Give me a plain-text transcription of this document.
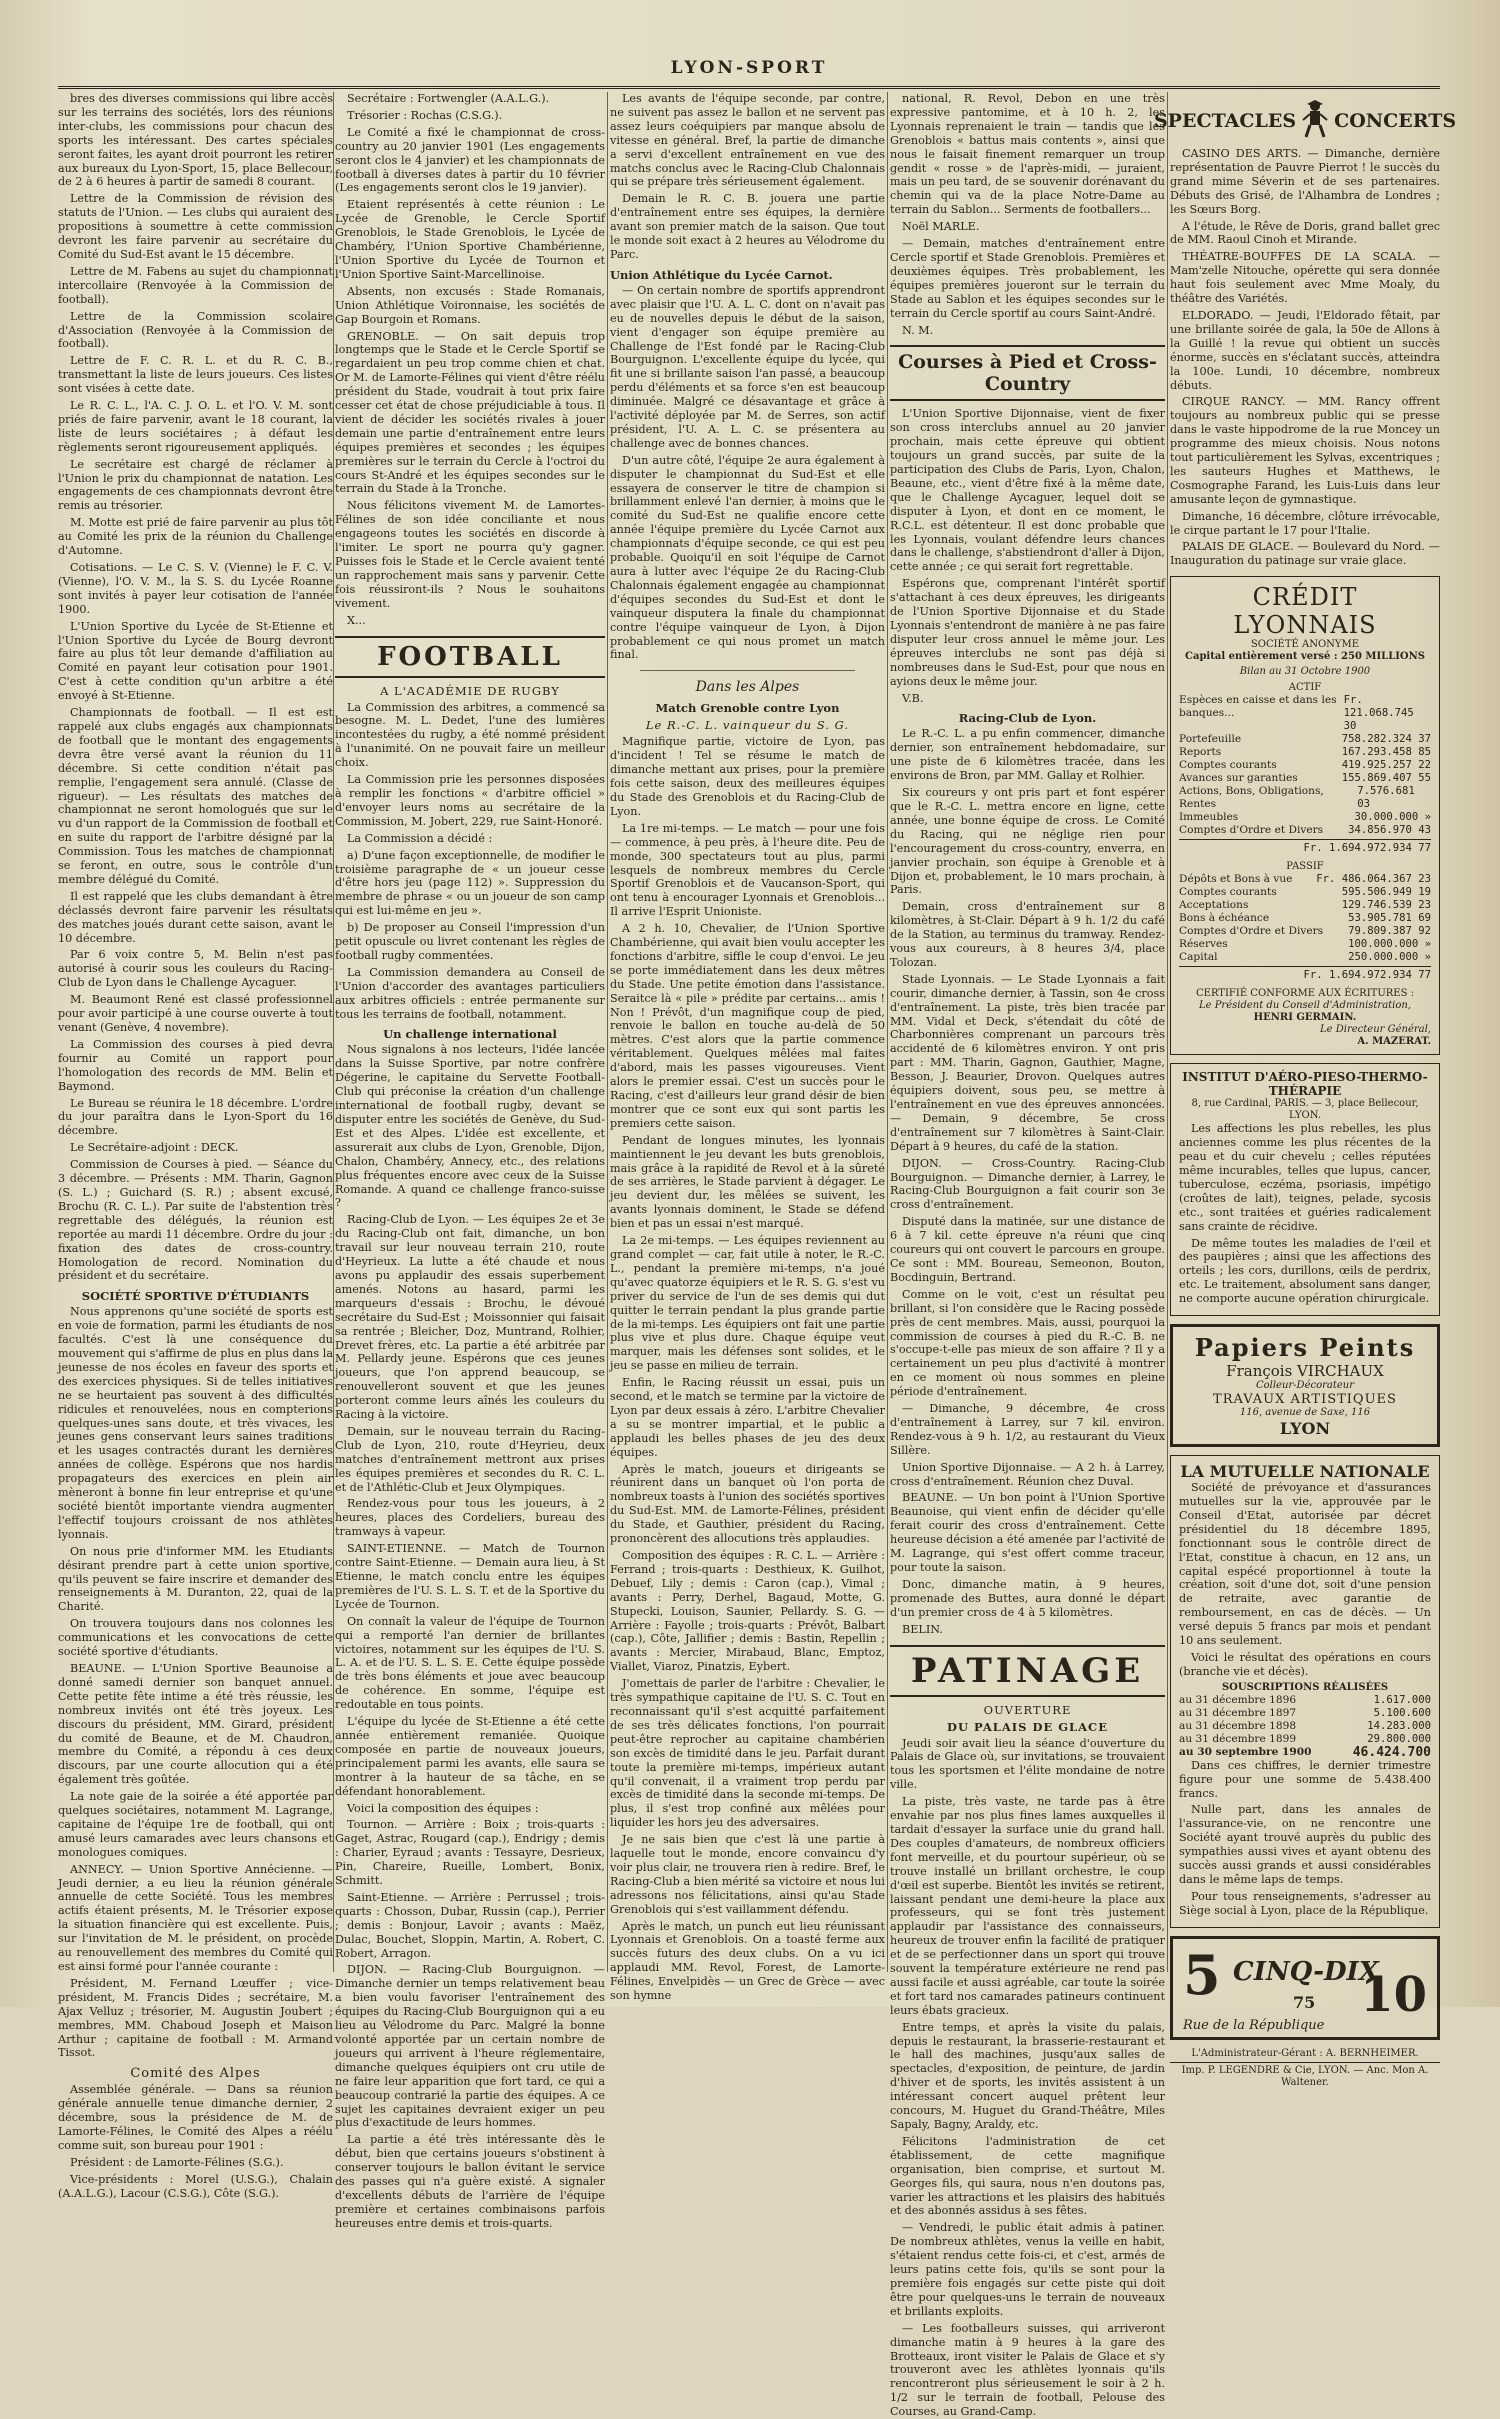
LYON-SPORT

bres des diverses commissions qui libre accès sur les terrains des sociétés, lors des réunions inter-clubs, les commissions pour chacun des sports les intéressant. Des cartes spéciales seront faites, les ayant droit pourront les retirer aux bureaux du Lyon-Sport, 15, place Bellecour, de 2 à 6 heures à partir de samedi 8 courant.

Lettre de la Commission de révision des statuts de l'Union. — Les clubs qui auraient des propositions à soumettre à cette commission devront les faire parvenir au secrétaire du Comité du Sud-Est avant le 15 décembre.

Lettre de M. Fabens au sujet du championnat intercollaire (Renvoyée à la Commission de football).

Lettre de la Commission scolaire d'Association (Renvoyée à la Commission de football).

Lettre de F. C. R. L. et du R. C. B., transmettant la liste de leurs joueurs. Ces listes sont visées à cette date.

Le R. C. L., l'A. C. J. O. L. et l'O. V. M. sont priés de faire parvenir, avant le 18 courant, la liste de leurs sociétaires ; à défaut les règlements seront rigoureusement appliqués.

Le secrétaire est chargé de réclamer à l'Union le prix du championnat de natation. Les engagements de ces championnats devront être remis au trésorier.

M. Motte est prié de faire parvenir au plus tôt au Comité les prix de la réunion du Challenge d'Automne.

Cotisations. — Le C. S. V. (Vienne) le F. C. V. (Vienne), l'O. V. M., la S. S. du Lycée Roanne sont invités à payer leur cotisation de l'année 1900.

L'Union Sportive du Lycée de St-Etienne et l'Union Sportive du Lycée de Bourg devront faire au plus tôt leur demande d'affiliation au Comité en payant leur cotisation pour 1901. C'est à cette condition qu'un arbitre a été envoyé à St-Etienne.

Championnats de football. — Il est est rappelé aux clubs engagés aux championnats de football que le montant des engagements devra être versé avant la réunion du 11 décembre. Si cette condition n'était pas remplie, l'engagement sera annulé. (Classe de rigueur). — Les résultats des matches de championnat ne seront homologués que sur le vu d'un rapport de la Commission de football et en suite du rapport de l'arbitre désigné par la Commission. Tous les matches de championnat se feront, en outre, sous le contrôle d'un membre délégué du Comité.

Il est rappelé que les clubs demandant à être déclassés devront faire parvenir les résultats des matches joués durant cette saison, avant le 10 décembre.

Par 6 voix contre 5, M. Belin n'est pas autorisé à courir sous les couleurs du Racing-Club de Lyon dans le Challenge Aycaguer.

M. Beaumont René est classé professionnel pour avoir participé à une course ouverte à tout venant (Genève, 4 novembre).

La Commission des courses à pied devra fournir au Comité un rapport pour l'homologation des records de MM. Belin et Baymond.

Le Bureau se réunira le 18 décembre. L'ordre du jour paraîtra dans le Lyon-Sport du 16 décembre.

Le Secrétaire-adjoint : DECK.

Commission de Courses à pied. — Séance du 3 décembre. — Présents : MM. Tharin, Gagnon (S. L.) ; Guichard (S. R.) ; absent excusé, Brochu (R. C. L.). Par suite de l'abstention très regrettable des délégués, la réunion est reportée au mardi 11 décembre. Ordre du jour : fixation des dates de cross-country. Homologation de record. Nomination du président et du secrétaire.

SOCIÉTÉ SPORTIVE D'ÉTUDIANTS

Nous apprenons qu'une société de sports est en voie de formation, parmi les étudiants de nos facultés. C'est là une conséquence du mouvement qui s'affirme de plus en plus dans la jeunesse de nos écoles en faveur des sports et des exercices physiques. Si de telles initiatives ne se heurtaient pas souvent à des difficultés ridicules et renouvelées, nous en compterions quelques-unes sans doute, et très vivaces, les jeunes gens conservant leurs saines traditions et les usages contractés durant les dernières années de collège. Espérons que nos hardis propagateurs des exercices en plein air mèneront à bonne fin leur entreprise et qu'une société bientôt importante viendra augmenter l'effectif toujours croissant de nos athlètes lyonnais.

On nous prie d'informer MM. les Etudiants désirant prendre part à cette union sportive, qu'ils peuvent se faire inscrire et demander des renseignements à M. Duranton, 22, quai de la Charité.

On trouvera toujours dans nos colonnes les communications et les convocations de cette société sportive d'étudiants.

BEAUNE. — L'Union Sportive Beaunoise a donné samedi dernier son banquet annuel. Cette petite fête intime a été très réussie, les nombreux invités ont été très joyeux. Les discours du président, MM. Girard, président du comité de Beaune, et de M. Chaudron, membre du Comité, a répondu à ces deux discours, par une courte allocution qui a été également très goûtée.

La note gaie de la soirée a été apportée par quelques sociétaires, notamment M. Lagrange, capitaine de l'équipe 1re de football, qui ont amusé leurs camarades avec leurs chansons et monologues comiques.

ANNECY. — Union Sportive Annécienne. — Jeudi dernier, a eu lieu la réunion générale annuelle de cette Société. Tous les membres actifs étaient présents, M. le Trésorier expose la situation financière qui est excellente. Puis, sur l'invitation de M. le président, on procède au renouvellement des membres du Comité qui est ainsi formé pour l'année courante :

Président, M. Fernand Lœuffer ; vice-président, M. Francis Dides ; secrétaire, M. Ajax Velluz ; trésorier, M. Augustin Joubert ; membres, MM. Chaboud Joseph et Maison Arthur ; capitaine de football : M. Armand Tissot.

Comité des Alpes

Assemblée générale. — Dans sa réunion générale annuelle tenue dimanche dernier, 2 décembre, sous la présidence de M. de Lamorte-Félines, le Comité des Alpes a réélu comme suit, son bureau pour 1901 :

Président : de Lamorte-Félines (S.G.).

Vice-présidents : Morel (U.S.G.), Chalain (A.A.L.G.), Lacour (C.S.G.), Côte (S.G.).

Secrétaire : Fortwengler (A.A.L.G.).

Trésorier : Rochas (C.S.G.).

Le Comité a fixé le championnat de cross-country au 20 janvier 1901 (Les engagements seront clos le 4 janvier) et les championnats de football à diverses dates à partir du 10 février (Les engagements seront clos le 19 janvier).

Etaient représentés à cette réunion : Le Lycée de Grenoble, le Cercle Sportif Grenoblois, le Stade Grenoblois, le Lycée de Chambéry, l'Union Sportive Chambérienne, l'Union Sportive du Lycée de Tournon et l'Union Sportive Saint-Marcellinoise.

Absents, non excusés : Stade Romanais, Union Athlétique Voironnaise, les sociétés de Gap Bourgoin et Romans.

GRENOBLE. — On sait depuis trop longtemps que le Stade et le Cercle Sportif se regardaient un peu trop comme chien et chat. Or M. de Lamorte-Félines qui vient d'être réélu président du Stade, voudrait à tout prix faire cesser cet état de chose préjudiciable à tous. Il vient de décider les sociétés rivales à jouer demain une partie d'entraînement entre leurs équipes premières et secondes ; les équipes premières sur le terrain du Cercle à l'octroi du cours St-André et les équipes secondes sur le terrain du Stade à la Tronche.

Nous félicitons vivement M. de Lamortes-Félines de son idée conciliante et nous engageons toutes les sociétés en discorde à l'imiter. Le sport ne pourra qu'y gagner. Puisses fois le Stade et le Cercle avaient tenté un rapprochement mais sans y parvenir. Cette fois réussiront-ils ? Nous le souhaitons vivement.

X...

FOOTBALL
A L'ACADÉMIE DE RUGBY

La Commission des arbitres, a commencé sa besogne. M. L. Dedet, l'une des lumières incontestées du rugby, a été nommé président à l'unanimité. On ne pouvait faire un meilleur choix.

La Commission prie les personnes disposées à remplir les fonctions « d'arbitre officiel » d'envoyer leurs noms au secrétaire de la Commission, M. Jobert, 229, rue Saint-Honoré.

La Commission a décidé :

a) D'une façon exceptionnelle, de modifier le troisième paragraphe de « un joueur cesse d'être hors jeu (page 112) ». Suppression du membre de phrase « ou un joueur de son camp qui est lui-même en jeu ».

b) De proposer au Conseil l'impression d'un petit opuscule ou livret contenant les règles de football rugby commentées.

La Commission demandera au Conseil de l'Union d'accorder des avantages particuliers aux arbitres officiels : entrée permanente sur tous les terrains de football, notamment.

Un challenge international

Nous signalons à nos lecteurs, l'idée lancée dans la Suisse Sportive, par notre confrère Dégerine, le capitaine du Servette Football-Club qui préconise la création d'un challenge international de football rugby, devant se disputer entre les sociétés de Genève, du Sud-Est et des Alpes. L'idée est excellente, et assurerait aux clubs de Lyon, Grenoble, Dijon, Chalon, Chambéry, Annecy, etc., des relations plus fréquentes encore avec ceux de la Suisse Romande. A quand ce challenge franco-suisse ?

Racing-Club de Lyon. — Les équipes 2e et 3e du Racing-Club ont fait, dimanche, un bon travail sur leur nouveau terrain 210, route d'Heyrieux. La lutte a été chaude et nous avons pu applaudir des essais superbement amenés. Notons au hasard, parmi les marqueurs d'essais : Brochu, le dévoué secrétaire du Sud-Est ; Moissonnier qui faisait sa rentrée ; Bleicher, Doz, Muntrand, Rolhier, Drevet frères, etc. La partie a été arbitrée par M. Pellardy jeune. Espérons que ces jeunes joueurs, que l'on apprend beaucoup, se renouvelleront souvent et que les jeunes porteront comme leurs aînés les couleurs du Racing à la victoire.

Demain, sur le nouveau terrain du Racing-Club de Lyon, 210, route d'Heyrieu, deux matches d'entraînement mettront aux prises les équipes premières et secondes du R. C. L. et de l'Athlétic-Club et Jeux Olympiques.

Rendez-vous pour tous les joueurs, à 2 heures, places des Cordeliers, bureau des tramways à vapeur.

SAINT-ETIENNE. — Match de Tournon contre Saint-Etienne. — Demain aura lieu, à St Etienne, le match conclu entre les équipes premières de l'U. S. L. S. T. et de la Sportive du Lycée de Tournon.

On connaît la valeur de l'équipe de Tournon qui a remporté l'an dernier de brillantes victoires, notamment sur les équipes de l'U. S. L. A. et de l'U. S. L. S. E. Cette équipe possède de très bons éléments et joue avec beaucoup de cohérence. En somme, l'équipe est redoutable en tous points.

L'équipe du lycée de St-Etienne a été cette année entièrement remaniée. Quoique composée en partie de nouveaux joueurs, principalement parmi les avants, elle saura se montrer à la hauteur de sa tâche, en se défendant honorablement.

Voici la composition des équipes :

Tournon. — Arrière : Boix ; trois-quarts : Gaget, Astrac, Rougard (cap.), Endrigy ; demis : Charier, Eyraud ; avants : Tessayre, Desrieux, Pin, Chareire, Rueille, Lombert, Bonix, Schmitt.

Saint-Etienne. — Arrière : Perrussel ; trois-quarts : Chosson, Dubar, Russin (cap.), Perrier ; demis : Bonjour, Lavoir ; avants : Maëz, Dulac, Bouchet, Sloppin, Martin, A. Robert, C. Robert, Arragon.

DIJON. — Racing-Club Bourguignon. — Dimanche dernier un temps relativement beau a bien voulu favoriser l'entraînement des équipes du Racing-Club Bourguignon qui a eu lieu au Vélodrome du Parc. Malgré la bonne volonté apportée par un certain nombre de joueurs qui arrivent à l'heure réglementaire, dimanche quelques équipiers ont cru utile de ne faire leur apparition que fort tard, ce qui a beaucoup contrarié la partie des équipes. A ce sujet les capitaines devraient exiger un peu plus d'exactitude de leurs hommes.

La partie a été très intéressante dès le début, bien que certains joueurs s'obstinent à conserver toujours le ballon évitant le service des passes qui n'a guère existé. A signaler d'excellents débuts de l'arrière de l'équipe première et certaines combinaisons parfois heureuses entre demis et trois-quarts.

Les avants de l'équipe seconde, par contre, ne suivent pas assez le ballon et ne servent pas assez leurs coéquipiers par manque absolu de vitesse en général. Bref, la partie de dimanche a servi d'excellent entraînement en vue des matchs conclus avec le Racing-Club Chalonnais qui se prépare très sérieusement également.

Demain le R. C. B. jouera une partie d'entraînement entre ses équipes, la dernière avant son premier match de la saison. Que tout le monde soit exact à 2 heures au Vélodrome du Parc.

Union Athlétique du Lycée Carnot.

— On certain nombre de sportifs apprendront avec plaisir que l'U. A. L. C. dont on n'avait pas eu de nouvelles depuis le début de la saison, vient d'engager son équipe première au Challenge de l'Est fondé par le Racing-Club Bourguignon. L'excellente équipe du lycée, qui fit une si brillante saison l'an passé, a beaucoup perdu d'éléments et sa force s'en est beaucoup diminuée. Malgré ce désavantage et grâce à l'activité déployée par M. de Serres, son actif président, l'U. A. L. C. se présentera au challenge avec de bonnes chances.

D'un autre côté, l'équipe 2e aura également à disputer le championnat du Sud-Est et elle essayera de conserver le titre de champion si brillamment enlevé l'an dernier, à moins que le comité du Sud-Est ne qualifie encore cette année l'équipe première du Lycée Carnot aux championnats d'équipe seconde, ce qui est peu probable. Quoiqu'il en soit l'équipe de Carnot aura à lutter avec l'équipe 2e du Racing-Club Chalonnais également engagée au championnat d'équipes secondes du Sud-Est et dont le vainqueur disputera la finale du championnat contre l'équipe vainqueur de Lyon, à Dijon probablement ce qui nous promet un match final.

Dans les Alpes
Match Grenoble contre Lyon
Le R.-C. L. vainqueur du S. G.

Magnifique partie, victoire de Lyon, pas d'incident ! Tel se résume le match de dimanche mettant aux prises, pour la première fois cette saison, deux des meilleures équipes du Stade des Grenoblois et du Racing-Club de Lyon.

La 1re mi-temps. — Le match — pour une fois — commence, à peu près, à l'heure dite. Peu de monde, 300 spectateurs tout au plus, parmi lesquels de nombreux membres du Cercle Sportif Grenoblois et de Vaucanson-Sport, qui ont tenu à encourager Lyonnais et Grenoblois... Il arrive l'Esprit Unioniste.

A 2 h. 10, Chevalier, de l'Union Sportive Chambérienne, qui avait bien voulu accepter les fonctions d'arbitre, siffle le coup d'envoi. Le jeu se porte immédiatement dans les deux mêtres du Stade. Une petite émotion dans l'assistance. Seraitce là « pile » prédite par certains... amis ! Non ! Prévôt, d'un magnifique coup de pied, renvoie le ballon en touche au-delà de 50 mètres. C'est alors que la partie commence véritablement. Quelques mêlées mal faites d'abord, mais les passes vigoureuses. Vient alors le premier essai. C'est un succès pour le Racing, c'est d'ailleurs leur grand désir de bien montrer que ce sont eux qui sont partis les premiers cette saison.

Pendant de longues minutes, les lyonnais maintiennent le jeu devant les buts grenoblois, mais grâce à la rapidité de Revol et à la sûreté de ses arrières, le Stade parvient à dégager. Le jeu devient dur, les mêlées se suivent, les avants lyonnais dominent, le Stade se défend bien et pas un essai n'est marqué.

La 2e mi-temps. — Les équipes reviennent au grand complet — car, fait utile à noter, le R.-C. L., pendant la première mi-temps, n'a joué qu'avec quatorze équipiers et le R. S. G. s'est vu priver du service de l'un de ses demis qui dut quitter le terrain pendant la plus grande partie de la mi-temps. Les équipiers ont fait une partie plus vive et plus dure. Chaque équipe veut marquer, mais les défenses sont solides, et le jeu se passe en milieu de terrain.

Enfin, le Racing réussit un essai, puis un second, et le match se termine par la victoire de Lyon par deux essais à zéro. L'arbitre Chevalier a su se montrer impartial, et le public a applaudi les belles phases de jeu des deux équipes.

Après le match, joueurs et dirigeants se réunirent dans un banquet où l'on porta de nombreux toasts à l'union des sociétés sportives du Sud-Est. MM. de Lamorte-Félines, président du Stade, et Gauthier, président du Racing, prononcèrent des allocutions très applaudies.

Composition des équipes : R. C. L. — Arrière : Ferrand ; trois-quarts : Desthieux, K. Guilhot, Debuef, Lily ; demis : Caron (cap.), Vimal ; avants : Perry, Derhel, Bagaud, Motte, G. Stupecki, Louison, Saunier, Pellardy. S. G. — Arrière : Fayolle ; trois-quarts : Prévôt, Balbart (cap.), Côte, Jallifier ; demis : Bastin, Repellin ; avants : Mercier, Mirabaud, Blanc, Emptoz, Viallet, Viaroz, Pinatzis, Eybert.

J'omettais de parler de l'arbitre : Chevalier, le très sympathique capitaine de l'U. S. C. Tout en reconnaissant qu'il s'est acquitté parfaitement de ses très délicates fonctions, l'on pourrait peut-être reprocher au capitaine chambérien son excès de timidité dans le jeu. Parfait durant toute la première mi-temps, impérieux autant qu'il convenait, il a vraiment trop perdu par excès de timidité dans la seconde mi-temps. De plus, il s'est trop confiné aux mêlées pour liquider les hors jeu des adversaires.

Je ne sais bien que c'est là une partie à laquelle tout le monde, encore convaincu d'y voir plus clair, ne trouvera rien à redire. Bref, le Racing-Club a bien mérité sa victoire et nous lui adressons nos félicitations, ainsi qu'au Stade Grenoblois qui s'est vaillamment défendu.

Après le match, un punch eut lieu réunissant Lyonnais et Grenoblois. On a toasté ferme aux succès futurs des deux clubs. On a vu ici applaudi MM. Revol, Forest, de Lamorte-Félines, Envelpidès — un Grec de Grèce — avec son hymne

national, R. Revol, Debon en une très expressive pantomime, et à 10 h. 2, les Lyonnais reprenaient le train — tandis que les Grenoblois « battus mais contents », ainsi que nous le faisait finement remarquer un troup gendit « rosse » de l'après-midi, — juraient, mais un peu tard, de se souvenir dorénavant du chemin qui va de la place Notre-Dame au terrain du Sablon... Serments de footballers...

Noël MARLE.

— Demain, matches d'entraînement entre Cercle sportif et Stade Grenoblois. Premières et deuxièmes équipes. Très probablement, les équipes premières joueront sur le terrain du Stade au Sablon et les équipes secondes sur le terrain du Cercle sportif au cours Saint-André.

N. M.

Courses à Pied et Cross-Country

L'Union Sportive Dijonnaise, vient de fixer son cross interclubs annuel au 20 janvier prochain, mais cette épreuve qui obtient toujours un grand succès, par suite de la participation des Clubs de Paris, Lyon, Chalon, Beaune, etc., vient d'être fixé à la même date, que le Challenge Aycaguer, lequel doit se disputer à Lyon, et dont en ce moment, le R.C.L. est détenteur. Il est donc probable que les Lyonnais, voulant défendre leurs chances dans le challenge, s'abstiendront d'aller à Dijon, cette année ; ce qui serait fort regrettable.

Espérons que, comprenant l'intérêt sportif s'attachant à ces deux épreuves, les dirigeants de l'Union Sportive Dijonnaise et du Stade Lyonnais s'entendront de manière à ne pas faire disputer leur cross annuel le même jour. Les épreuves interclubs ne sont pas déjà si nombreuses dans le Sud-Est, pour que nous en ayions deux le même jour.

V.B.

Racing-Club de Lyon.

Le R.-C. L. a pu enfin commencer, dimanche dernier, son entraînement hebdomadaire, sur une piste de 6 kilomètres tracée, dans les environs de Bron, par MM. Gallay et Rolhier.

Six coureurs y ont pris part et font espérer que le R.-C. L. mettra encore en ligne, cette année, une bonne équipe de cross. Le Comité du Racing, qui ne néglige rien pour l'encouragement du cross-country, enverra, en janvier prochain, son équipe à Grenoble et à Dijon et, probablement, le 10 mars prochain, à Paris.

Demain, cross d'entraînement sur 8 kilomètres, à St-Clair. Départ à 9 h. 1/2 du café de la Station, au terminus du tramway. Rendez-vous aux coureurs, à 8 heures 3/4, place Tolozan.

Stade Lyonnais. — Le Stade Lyonnais a fait courir, dimanche dernier, à Tassin, son 4e cross d'entraînement. La piste, très bien tracée par MM. Vidal et Deck, s'étendait du côté de Charbonnières comprenant un parcours très accidenté de 6 kilomètres environ. Y ont pris part : MM. Tharin, Gagnon, Gauthier, Magne, Besson, J. Beaurier, Drovon. Quelques autres équipiers doivent, sous peu, se mettre à l'entraînement en vue des épreuves annoncées. — Demain, 9 décembre, 5e cross d'entraînement sur 7 kilomètres à Saint-Clair. Départ à 9 heures, du café de la station.

DIJON. — Cross-Country. Racing-Club Bourguignon. — Dimanche dernier, à Larrey, le Racing-Club Bourguignon a fait courir son 3e cross d'entraînement.

Disputé dans la matinée, sur une distance de 6 à 7 kil. cette épreuve n'a réuni que cinq coureurs qui ont couvert le parcours en groupe. Ce sont : MM. Boureau, Semeonon, Bouton, Bocdinguin, Bertrand.

Comme on le voit, c'est un résultat peu brillant, si l'on considère que le Racing possède près de cent membres. Mais, aussi, pourquoi la commission de courses à pied du R.-C. B. ne s'occupe-t-elle pas mieux de son affaire ? Il y a certainement un peu plus d'activité à montrer en ce moment où nous sommes en pleine période d'entraînement.

— Dimanche, 9 décembre, 4e cross d'entraînement à Larrey, sur 7 kil. environ. Rendez-vous à 9 h. 1/2, au restaurant du Vieux Sillère.

Union Sportive Dijonnaise. — A 2 h. à Larrey, cross d'entraînement. Réunion chez Duval.

BEAUNE. — Un bon point à l'Union Sportive Beaunoise, qui vient enfin de décider qu'elle ferait courir des cross d'entraînement. Cette heureuse décision a été amenée par l'activité de M. Lagrange, qui s'est offert comme traceur, pour toute la saison.

Donc, dimanche matin, à 9 heures, promenade des Buttes, aura donné le départ d'un premier cross de 4 à 5 kilomètres.

BELIN.

PATINAGE
OUVERTURE
DU PALAIS DE GLACE

Jeudi soir avait lieu la séance d'ouverture du Palais de Glace où, sur invitations, se trouvaient tous les sportsmen et l'élite mondaine de notre ville.

La piste, très vaste, ne tarde pas à être envahie par nos plus fines lames auxquelles il tardait d'essayer la surface unie du grand hall. Des couples d'amateurs, de nombreux officiers font merveille, et du pourtour supérieur, où se trouve installé un brillant orchestre, le coup d'œil est superbe. Bientôt les invités se retirent, laissant pendant une demi-heure la place aux professeurs, qui se font très justement applaudir par l'assistance des connaisseurs, heureux de trouver enfin la facilité de pratiquer et de se perfectionner dans un sport qui trouve souvent la température extérieure ne rend pas aussi facile et aussi agréable, car toute la soirée et fort tard nos camarades patineurs continuent leurs ébats gracieux.

Entre temps, et après la visite du palais, depuis le restaurant, la brasserie-restaurant et le hall des machines, jusqu'aux salles de spectacles, d'exposition, de peinture, de jardin d'hiver et de sports, les invités assistent à un intéressant concert auquel prêtent leur concours, M. Huguet du Grand-Théâtre, Miles Sapaly, Bagny, Araldy, etc.

Félicitons l'administration de cet établissement, de cette magnifique organisation, bien comprise, et surtout M. Georges fils, qui saura, nous n'en doutons pas, varier les attractions et les plaisirs des habitués et des abonnés assidus à ses fêtes.

— Vendredi, le public était admis à patiner. De nombreux athlètes, venus la veille en habit, s'étaient rendus cette fois-ci, et c'est, armés de leurs patins cette fois, qu'ils se sont pour la première fois engagés sur cette piste qui doit être pour quelques-uns le terrain de nouveaux et brillants exploits.

— Les footballeurs suisses, qui arriveront dimanche matin à 9 heures à la gare des Brotteaux, iront visiter le Palais de Glace et s'y trouveront avec les athlètes lyonnais qu'ils rencontreront plus sérieusement le soir à 2 h. 1/2 sur le terrain de football, Pelouse des Courses, au Grand-Camp.

SPECTACLES CONCERTS

CASINO DES ARTS. — Dimanche, dernière représentation de Pauvre Pierrot ! le succès du grand mime Séverin et de ses partenaires. Débuts des Grisé, de l'Alhambra de Londres ; les Sœurs Borg.

A l'étude, le Rêve de Doris, grand ballet grec de MM. Raoul Cinoh et Mirande.

THÉATRE-BOUFFES DE LA SCALA. — Mam'zelle Nitouche, opérette qui sera donnée haut fois seulement avec Mme Moaly, du théâtre des Variétés.

ELDORADO. — Jeudi, l'Eldorado fêtait, par une brillante soirée de gala, la 50e de Allons à la Guillé ! la revue qui obtient un succès énorme, succès en s'éclatant succès, atteindra la 100e. Lundi, 10 décembre, nombreux débuts.

CIRQUE RANCY. — MM. Rancy offrent toujours au nombreux public qui se presse dans le vaste hippodrome de la rue Moncey un programme des mieux choisis. Nous notons tout particulièrement les Sylvas, excentriques ; les sauteurs Hughes et Matthews, le Cosmographe Farand, les Luis-Luis dans leur amusante leçon de gymnastique.

Dimanche, 16 décembre, clôture irrévocable, le cirque partant le 17 pour l'Italie.

PALAIS DE GLACE. — Boulevard du Nord. — Inauguration du patinage sur vraie glace.

CRÉDIT LYONNAIS
SOCIÉTÉ ANONYME
Capital entièrement versé : 250 MILLIONS
Bilan au 31 Octobre 1900
ACTIF
Espèces en caisse et dans les banques...
Fr. 121.068.745 30
Portefeuille	758.282.324 37
Reports	167.293.458 85
Comptes courants	419.925.257 22
Avances sur garanties	155.869.407 55
Actions, Bons, Obligations, Rentes
7.576.681 03
Immeubles	30.000.000 »
Comptes d'Ordre et Divers 34.856.970 43
Fr. 1.694.972.934 77
PASSIF
Dépôts et Bons à vue Fr. 486.064.367 23
Comptes courants	595.506.949 19
Acceptations	129.746.539 23
Bons à échéance	53.905.781 69
Comptes d'Ordre et Divers 79.809.387 92
Réserves	100.000.000 »
Capital	250.000.000 »
Fr. 1.694.972.934 77
CERTIFIÉ CONFORME AUX ÉCRITURES :
Le Président du Conseil d'Administration,
HENRI GERMAIN.
Le Directeur Général,
A. MAZERAT.
INSTITUT D'AÉRO-PIESO-THERMO-THÉRAPIE
8, rue Cardinal, PARIS. — 3, place Bellecour, LYON.

Les affections les plus rebelles, les plus anciennes comme les plus récentes de la peau et du cuir chevelu ; celles réputées même incurables, telles que lupus, cancer, tuberculose, eczéma, psoriasis, impétigo (croûtes de lait), teignes, pelade, sycosis etc., sont traitées et guéries radicalement sans crainte de récidive.

De même toutes les maladies de l'œil et des paupières ; ainsi que les affections des orteils ; les cors, durillons, œils de perdrix, etc. Le traitement, absolument sans danger, ne comporte aucune opération chirurgicale.

Papiers Peints
François VIRCHAUX
Colleur-Décorateur
TRAVAUX ARTISTIQUES
116, avenue de Saxe, 116
LYON
LA MUTUELLE NATIONALE

Société de prévoyance et d'assurances mutuelles sur la vie, approuvée par le Conseil d'Etat, autorisée par décret présidentiel du 18 décembre 1895, fonctionnant sous le contrôle direct de l'Etat, constitue à chacun, en 12 ans, un capital espécé proportionnel à toute la création, soit d'une dot, soit d'une pension de retraite, avec garantie de remboursement, en cas de décès. — Un versé depuis 5 francs par mois et pendant 10 ans seulement.

Voici le résultat des opérations en cours (branche vie et décès).

SOUSCRIPTIONS RÉALISÉES
au 31 décembre 1896	1.617.000
au 31 décembre 1897	5.100.600
au 31 décembre 1898	14.283.000
au 31 décembre 1899	29.800.000
au 30 septembre 1900	46.424.700

Dans ces chiffres, le dernier trimestre figure pour une somme de 5.438.400 francs.

Nulle part, dans les annales de l'assurance-vie, on ne rencontre une Société ayant trouvé auprès du public des sympathies aussi vives et ayant obtenu des succès aussi grands et aussi considérables dans le même laps de temps.

Pour tous renseignements, s'adresser au Siège social à Lyon, place de la République.

5 CINQ-DIX
10
75
Rue de la République
L'Administrateur-Gérant : A. BERNHEIMER.
Imp. P. LEGENDRE & Cie, LYON. — Anc. Mon A. Waltener.
